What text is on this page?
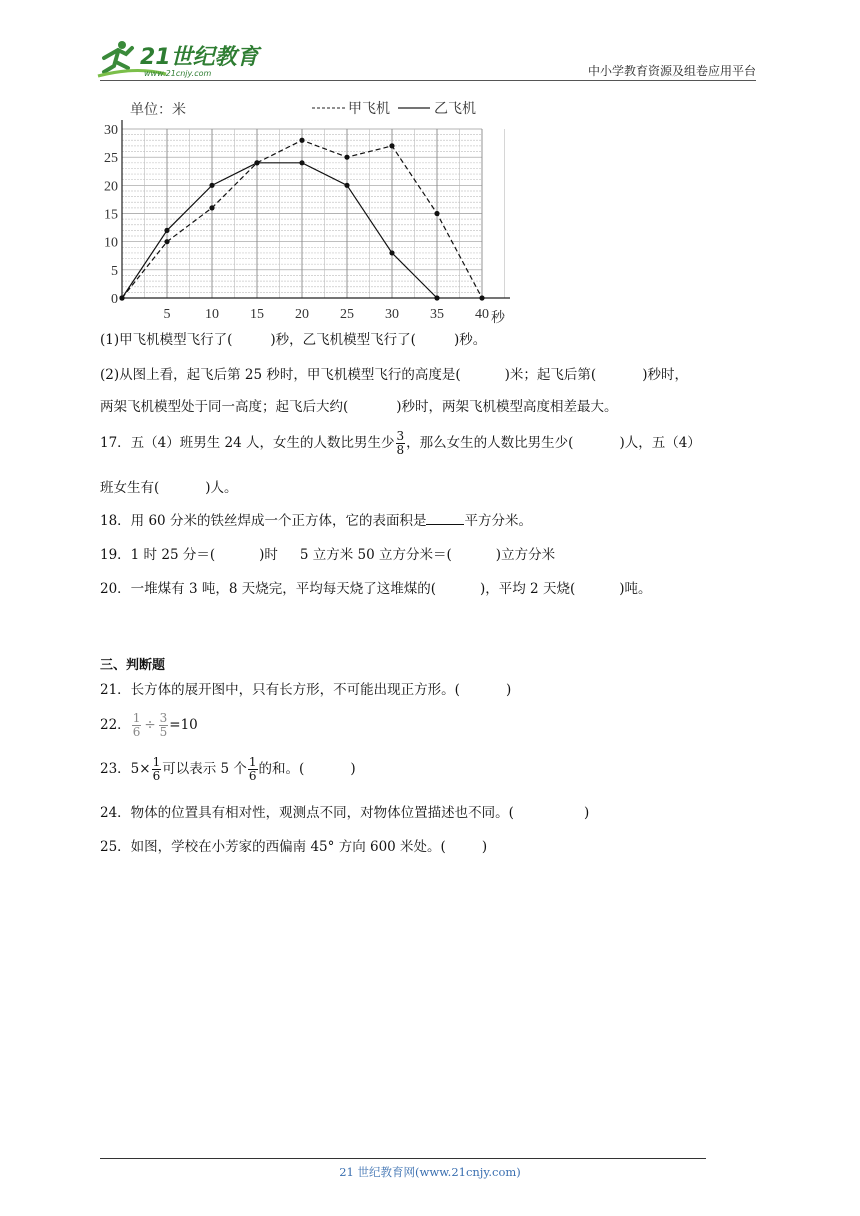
21世纪教育
www.21cnjy.com	中小学教育资源及组卷应用平台
0
5
10
15
20
25
30
5 10 15 20 25 30 35 40 秒
单位：米	甲飞机	乙飞机
(1)甲飞机模型飞行了(	)秒，乙飞机模型飞行了(	)秒。
(2)从图上看，起飞后第 25 秒时，甲飞机模型飞行的高度是(	)米；起飞后第(	)秒时，
两架飞机模型处于同一高度；起飞后大约(	)秒时，两架飞机模型高度相差最大。
17．五（4）班男生 24 人，女生的人数比男生少 $\frac{3}{8}$ ，那么女生的人数比男生少(	)人，五（4）
班女生有(	)人。
18．用 60 分米的铁丝焊成一个正方体，它的表面积是	平方分米。
19．1 时 25 分＝(	)时 5 立方米 50 立方分米＝(	)立方分米
20．一堆煤有 3 吨，8 天烧完，平均每天烧了这堆煤的(	)，平均 2 天烧(	)吨。
三、判断题
21．长方体的展开图中，只有长方形，不可能出现正方形。(	)
22． $\frac{1}{6} \div \frac{3}{5} =10$
23．$5\times \frac{1}{6}$ 可以表示 5 个 $\frac{1}{6}$ 的和。(	)
24．物体的位置具有相对性，观测点不同，对物体位置描述也不同。(	)
25．如图，学校在小芳家的西偏南 45° 方向 600 米处。(	)
21 世纪教育网(www.21cnjy.com)
